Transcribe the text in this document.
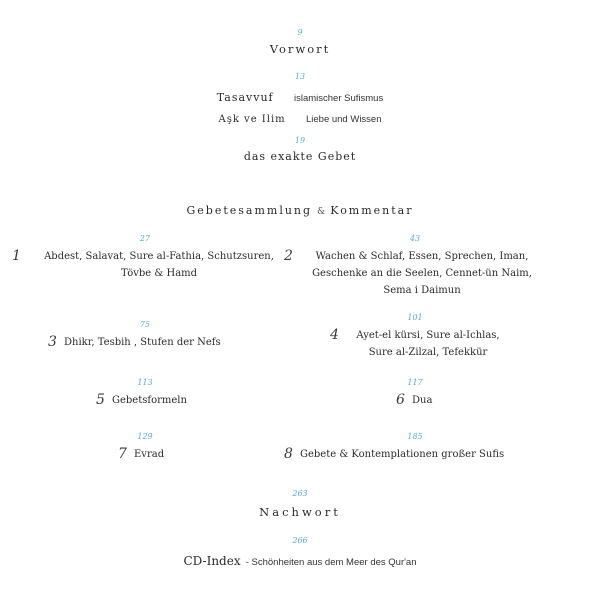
9
Vorwort
13
Tasavvuf islamischer Sufismus
Aşk ve Ilim Liebe und Wissen
19
das exakte Gebet
Gebetesammlung & Kommentar
27
1	Abdest, Salavat, Sure al-Fathia, Schutzsuren,
Tövbe & Hamd
43
2	Wachen & Schlaf, Essen, Sprechen, Iman,
Geschenke an die Seelen, Cennet-ün Naim,
Sema i Daimun
75
3 Dhikr, Tesbih , Stufen der Nefs
101
4	Ayet-el kürsi, Sure al-Ichlas,
Sure al-Zilzal, Tefekkür
113
5 Gebetsformeln
117
6 Dua
129
7 Evrad
185
8 Gebete & Kontemplationen großer Sufis
263
Nachwort
266
CD-Index - Schönheiten aus dem Meer des Qur'an
